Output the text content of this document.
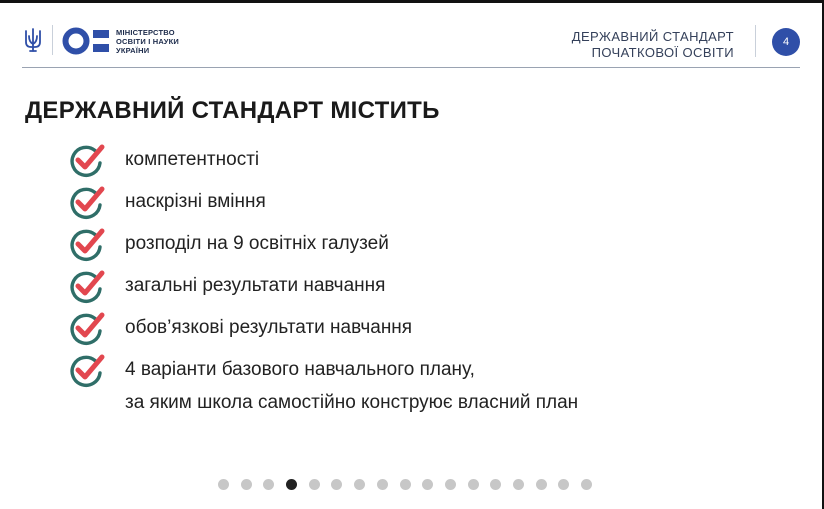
МІНІСТЕРСТВО
ОСВІТИ І НАУКИ
УКРАЇНИ
ДЕРЖАВНИЙ СТАНДАРТ
ПОЧАТКОВОЇ ОСВІТИ
4
ДЕРЖАВНИЙ СТАНДАРТ МІСТИТЬ
компетентності
наскрізні вміння
розподіл на 9 освітніх галузей
загальні результати навчання
обов’язкові результати навчання
4 варіанти базового навчального плану,
за яким школа самостійно конструює власний план
